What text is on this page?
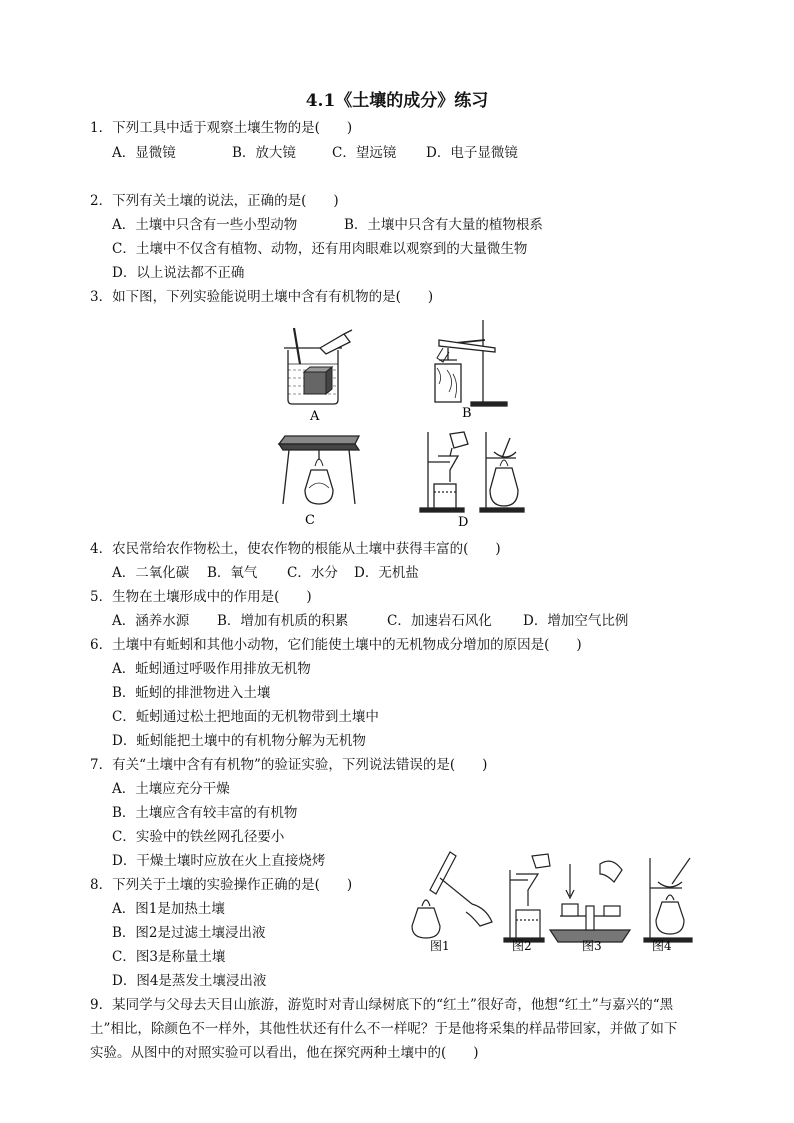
4.1《土壤的成分》练习
1．下列工具中适于观察土壤生物的是(　　)
A．显微镜	B．放大镜	C．望远镜 D．电子显微镜
2．下列有关土壤的说法，正确的是(　　)
A．土壤中只含有一些小型动物	B．土壤中只含有大量的植物根系
C．土壤中不仅含有植物、动物，还有用肉眼难以观察到的大量微生物
D．以上说法都不正确
3．如下图，下列实验能说明土壤中含有有机物的是(　　)
A	B
C	D
4．农民常给农作物松土，使农作物的根能从土壤中获得丰富的(　　)
A．二氧化碳 B．氧气 C．水分 D．无机盐
5．生物在土壤形成中的作用是(　　)
A．涵养水源 B．增加有机质的积累	C．加速岩石风化 D．增加空气比例
6．土壤中有蚯蚓和其他小动物，它们能使土壤中的无机物成分增加的原因是(　　)
A．蚯蚓通过呼吸作用排放无机物
B．蚯蚓的排泄物进入土壤
C．蚯蚓通过松土把地面的无机物带到土壤中
D．蚯蚓能把土壤中的有机物分解为无机物
7．有关“土壤中含有有机物”的验证实验，下列说法错误的是(　　)
A．土壤应充分干燥
B．土壤应含有较丰富的有机物
C．实验中的铁丝网孔径要小
D．干燥土壤时应放在火上直接烧烤
8．下列关于土壤的实验操作正确的是(　　)
A．图1是加热土壤
B．图2是过滤土壤浸出液
C．图3是称量土壤
D．图4是蒸发土壤浸出液
图1	图2	图3	图4
9．某同学与父母去天目山旅游，游览时对青山绿树底下的“红土”很好奇，他想“红土”与嘉兴的“黑
土”相比，除颜色不一样外，其他性状还有什么不一样呢？于是他将采集的样品带回家，并做了如下
实验。从图中的对照实验可以看出，他在探究两种土壤中的(　　)
